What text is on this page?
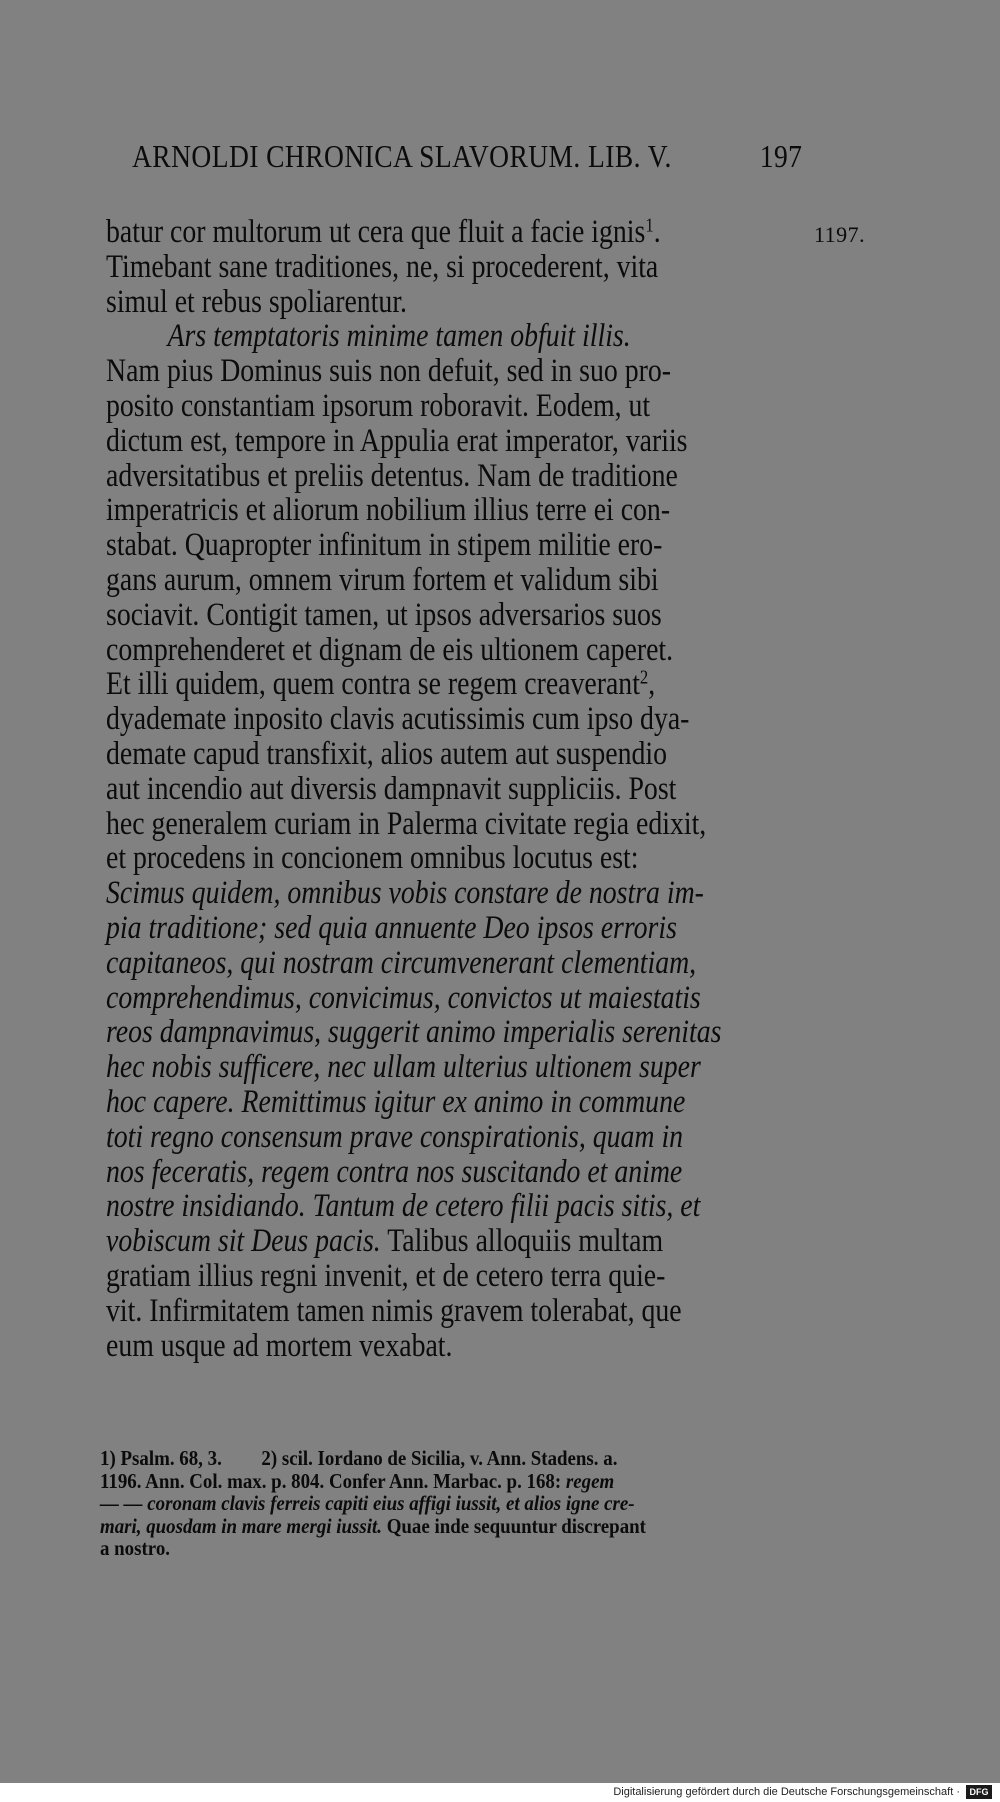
ARNOLDI CHRONICA SLAVORUM. LIB. V.	197
1197.
batur cor multorum ut cera que fluit a facie ignis$^1$.
Timebant sane traditiones, ne, si procederent, vita
simul et rebus spoliarentur.
Ars temptatoris minime tamen obfuit illis.
Nam pius Dominus suis non defuit, sed in suo pro-
posito constantiam ipsorum roboravit. Eodem, ut
dictum est, tempore in Appulia erat imperator, variis
adversitatibus et preliis detentus. Nam de traditione
imperatricis et aliorum nobilium illius terre ei con-
stabat. Quapropter infinitum in stipem militie ero-
gans aurum, omnem virum fortem et validum sibi
sociavit. Contigit tamen, ut ipsos adversarios suos
comprehenderet et dignam de eis ultionem caperet.
Et illi quidem, quem contra se regem creaverant$^2$,
dyademate inposito clavis acutissimis cum ipso dya-
demate capud transfixit, alios autem aut suspendio
aut incendio aut diversis dampnavit suppliciis. Post
hec generalem curiam in Palerma civitate regia edixit,
et procedens in concionem omnibus locutus est:
Scimus quidem, omnibus vobis constare de nostra im-
pia traditione; sed quia annuente Deo ipsos erroris
capitaneos, qui nostram circumvenerant clementiam,
comprehendimus, convicimus, convictos ut maiestatis
reos dampnavimus, suggerit animo imperialis serenitas
hec nobis sufficere, nec ullam ulterius ultionem super
hoc capere. Remittimus igitur ex animo in commune
toti regno consensum prave conspirationis, quam in
nos feceratis, regem contra nos suscitando et anime
nostre insidiando. Tantum de cetero filii pacis sitis, et
vobiscum sit Deus pacis. Talibus alloquiis multam
gratiam illius regni invenit, et de cetero terra quie-
vit. Infirmitatem tamen nimis gravem tolerabat, que
eum usque ad mortem vexabat.
1) Psalm. 68, 3. 2) scil. Iordano de Sicilia, v. Ann. Stadens. a.
1196. Ann. Col. max. p. 804. Confer Ann. Marbac. p. 168: regem
— — coronam clavis ferreis capiti eius affigi iussit, et alios igne cre-
mari, quosdam in mare mergi iussit. Quae inde sequuntur discrepant
a nostro.
Digitalisierung gefördert durch die Deutsche Forschungsgemeinschaft ·	DFG
